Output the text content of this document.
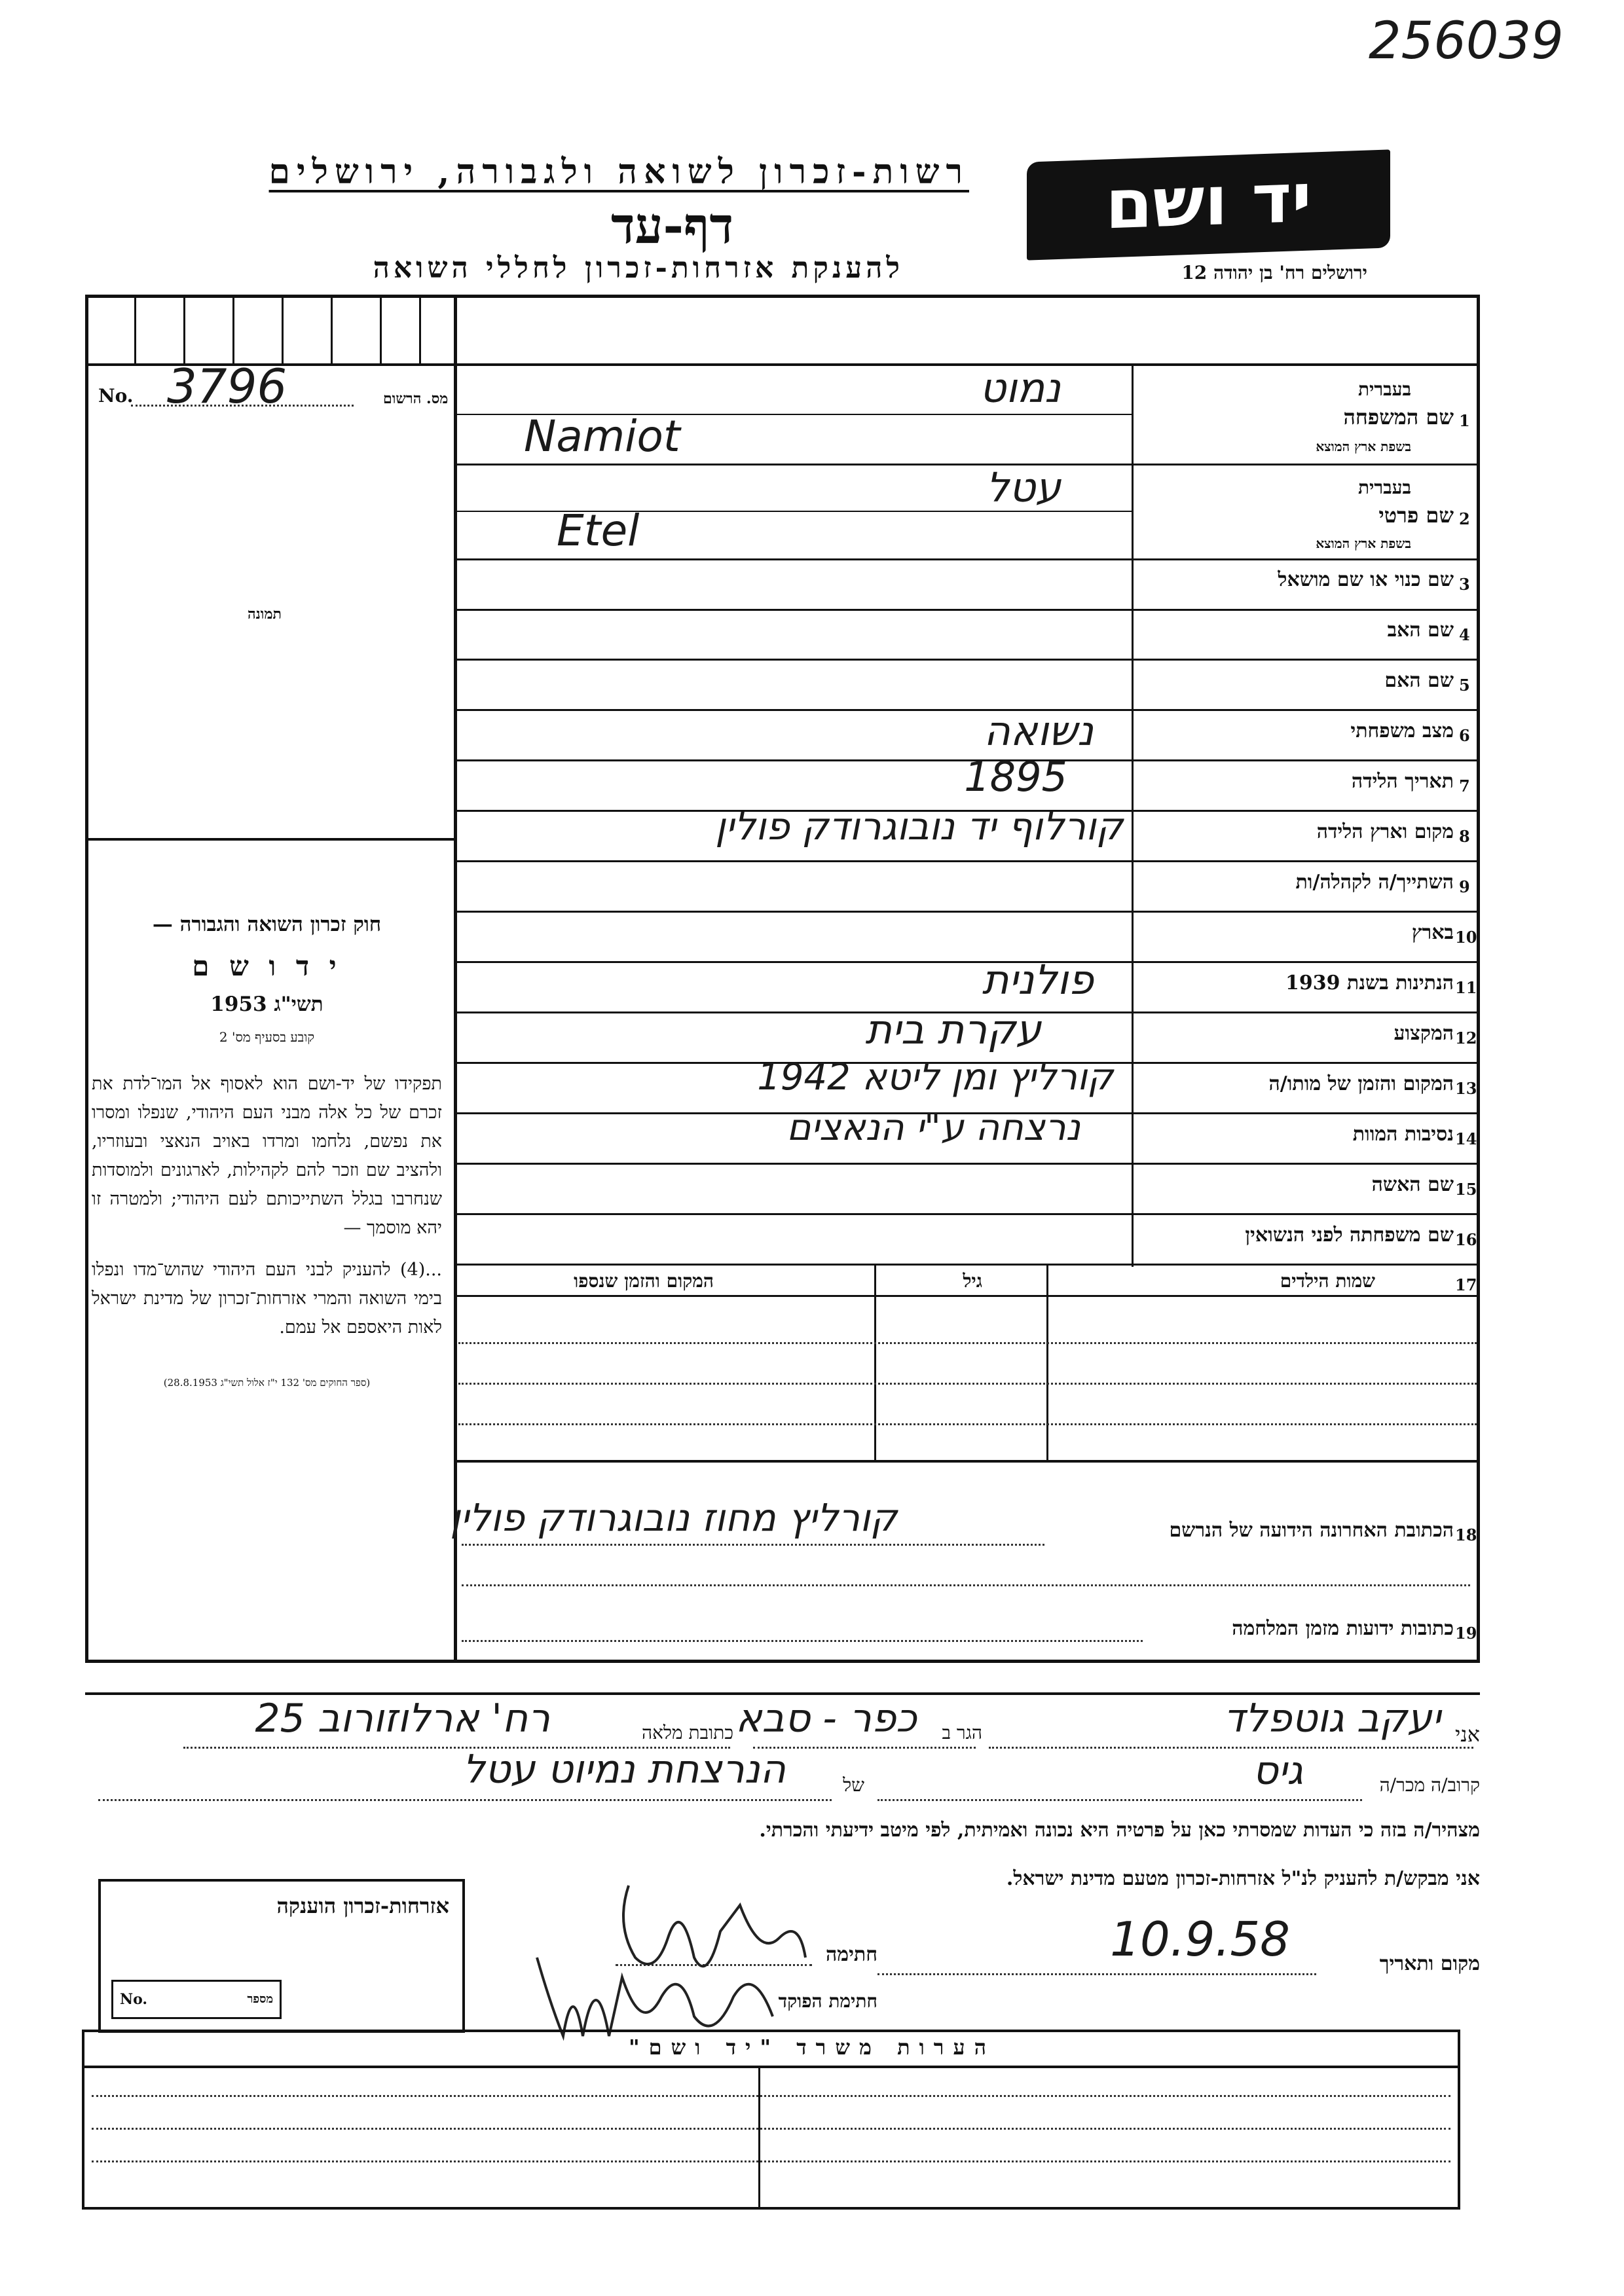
256039
רשות-זכרון לשואה ולגבורה, ירושלים
דף-עד
להענקת אזרחות-זכרון לחללי השואה
יד ושם
ירושלים רח' בן יהודה 12
No. 3796	מס. הרשום
תמונה

חוק זכרון השואה והגבורה —

י ד ו ש ם

תשי"ג 1953

קובע בסעיף מס' 2

תפקידו של יד-ושם הוא לאסוף אל המו־לדת את זכרם של כל אלה מבני העם היהודי, שנפלו ומסרו את נפשם, נלחמו ומרדו באויב הנאצי ובעוזריו, ולהציב שם וזכר להם לקהילות, לארגונים ולמוסדות שנחרבו בגלל השתייכותם לעם היהודי; ולמטרה זו יהא מוסמך —

...(4) להעניק לבני העם היהודי שהוש־מדו ונפלו בימי השואה והמרי אזרחות־זכרון של מדינת ישראל לאות היאספם אל עמם.

(ספר החוקים מס' 132 י"ז אלול תשי"ג 28.8.1953)

1
שם המשפחה
בעברית
בשפת ארץ המוצא
נמוט
Namiot
2
שם פרטי
בעברית
בשפת ארץ המוצא
עטל
Etel
3
שם כנוי או שם מושאל
4
שם האב
5
שם האם
6
מצב משפחתי
נשואה
7
תאריך הלידה
1895
8
מקום וארץ הלידה
קורלוף יד נובוגרודק פולין
9
השתייך/ה לקהלה/ות
10
בארץ
11
הנתינות בשנת 1939
פולנית
12
המקצוע
עקרת בית
13
המקום והזמן של מותו/ה
קורליץ ומן ליטא 1942
14
נסיבות המוות
נרצחה ע"י הנאצים
15
שם האשה
16
שם משפחתה לפני הנשואין
17
שמות הילדים
גיל
המקום והזמן שנספו
18
הכתובת האחרונה הידועה של הנרשם
קורליץ מחוז נובוגרודק פולין
19
כתובות ידועות מזמן המלחמה
אני
יעקב גוטפלד
הגר ב
כפר - סבא
כתובת מלאה
רח' ארלוזורוב 25
קרוב/ה מכר/ה
גיס
של
הנרצחת נמיוט עטל
מצהיר/ה בזה כי העדות שמסרתי כאן על פרטיה היא נכונה ואמיתית, לפי מיטב ידיעתי והכרתי.
אני מבקש/ת להעניק לנ"ל אזרחות-זכרון מטעם מדינת ישראל.
אזרחות-זכרון הוענקה
No.	מספר
מקום ותאריך
10.9.58
חתימה
חתימת הפוקד
הערות משרד "יד ושם"
